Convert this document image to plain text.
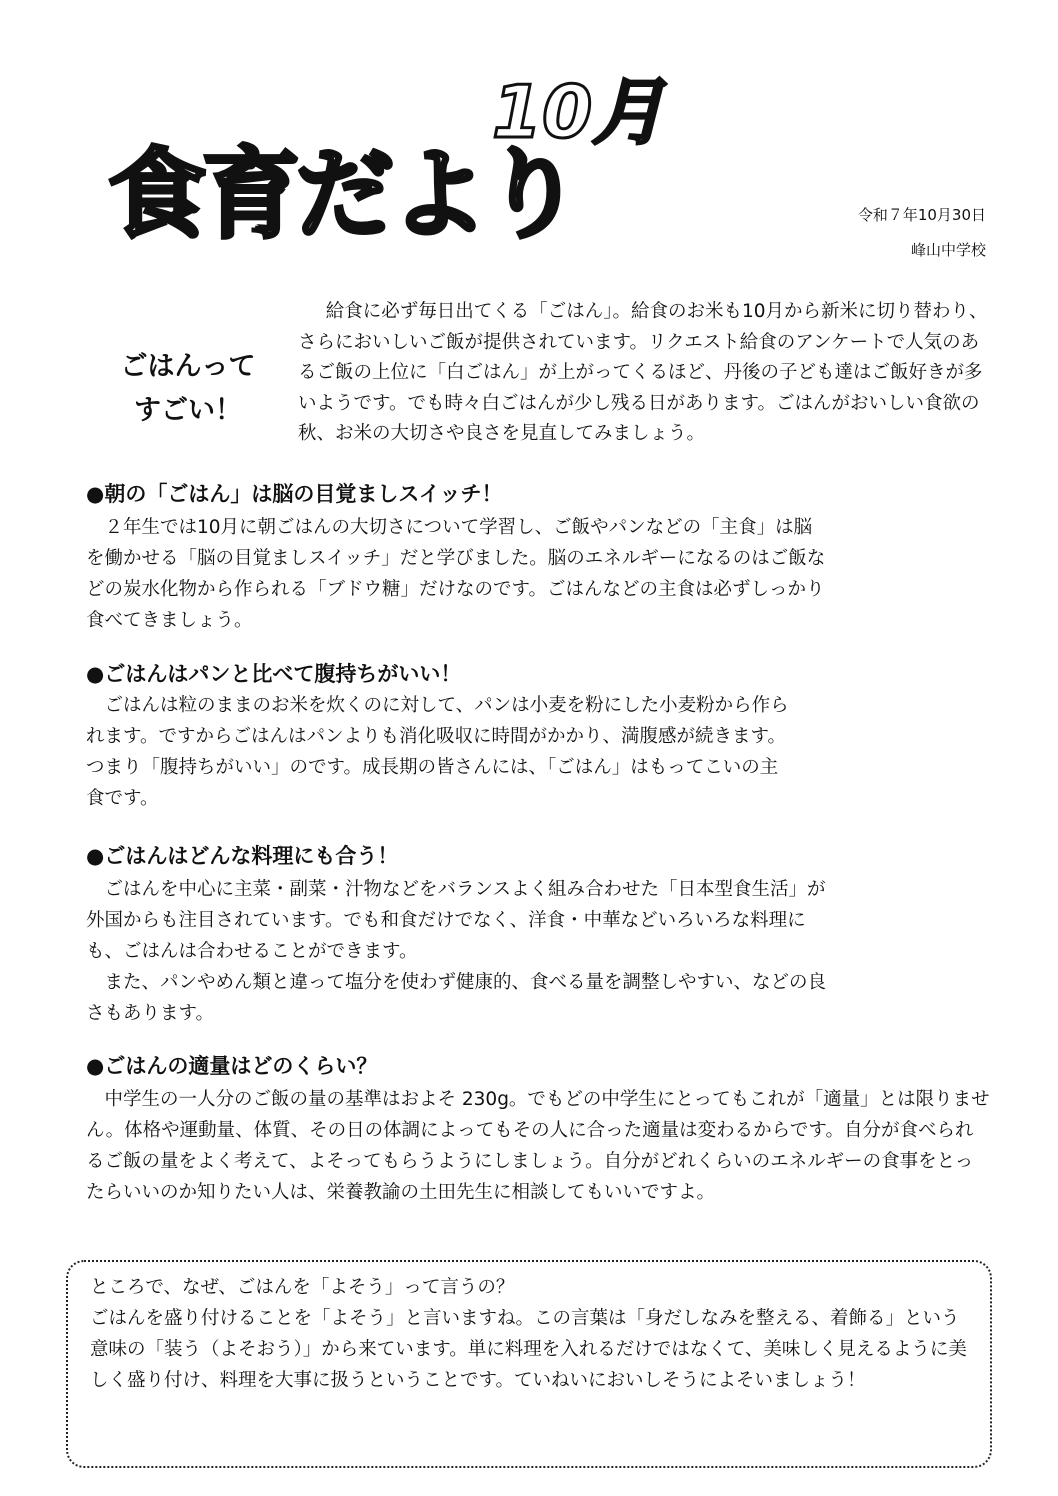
食育だより
10月
令和７年10月30日
峰山中学校
ごはんって
すごい！

給食に必ず毎日出てくる「ごはん」。給食のお米も10月から新米に切り替わり、さらにおいしいご飯が提供されています。リクエスト給食のアンケートで人気のあるご飯の上位に「白ごはん」が上がってくるほど、丹後の子ども達はご飯好きが多いようです。でも時々白ごはんが少し残る日があります。ごはんがおいしい食欲の秋、お米の大切さや良さを見直してみましょう。

●朝の「ごはん」は脳の目覚ましスイッチ！

２年生では10月に朝ごはんの大切さについて学習し、ご飯やパンなどの「主食」は脳を働かせる「脳の目覚ましスイッチ」だと学びました。脳のエネルギーになるのはご飯などの炭水化物から作られる「ブドウ糖」だけなのです。ごはんなどの主食は必ずしっかり食べてきましょう。

●ごはんはパンと比べて腹持ちがいい！

ごはんは粒のままのお米を炊くのに対して、パンは小麦を粉にした小麦粉から作られます。ですからごはんはパンよりも消化吸収に時間がかかり、満腹感が続きます。つまり「腹持ちがいい」のです。成長期の皆さんには、「ごはん」はもってこいの主食です。

●ごはんはどんな料理にも合う！

ごはんを中心に主菜・副菜・汁物などをバランスよく組み合わせた「日本型食生活」が外国からも注目されています。でも和食だけでなく、洋食・中華などいろいろな料理にも、ごはんは合わせることができます。

また、パンやめん類と違って塩分を使わず健康的、食べる量を調整しやすい、などの良さもあります。

●ごはんの適量はどのくらい？

中学生の一人分のご飯の量の基準はおよそ 230g。でもどの中学生にとってもこれが「適量」とは限りません。体格や運動量、体質、その日の体調によってもその人に合った適量は変わるからです。自分が食べられるご飯の量をよく考えて、よそってもらうようにしましょう。自分がどれくらいのエネルギーの食事をとったらいいのか知りたい人は、栄養教諭の土田先生に相談してもいいですよ。

ところで、なぜ、ごはんを「よそう」って言うの？

ごはんを盛り付けることを「よそう」と言いますね。この言葉は「身だしなみを整える、着飾る」という意味の「装う（よそおう）」から来ています。単に料理を入れるだけではなくて、美味しく見えるように美しく盛り付け、料理を大事に扱うということです。ていねいにおいしそうによそいましょう！
